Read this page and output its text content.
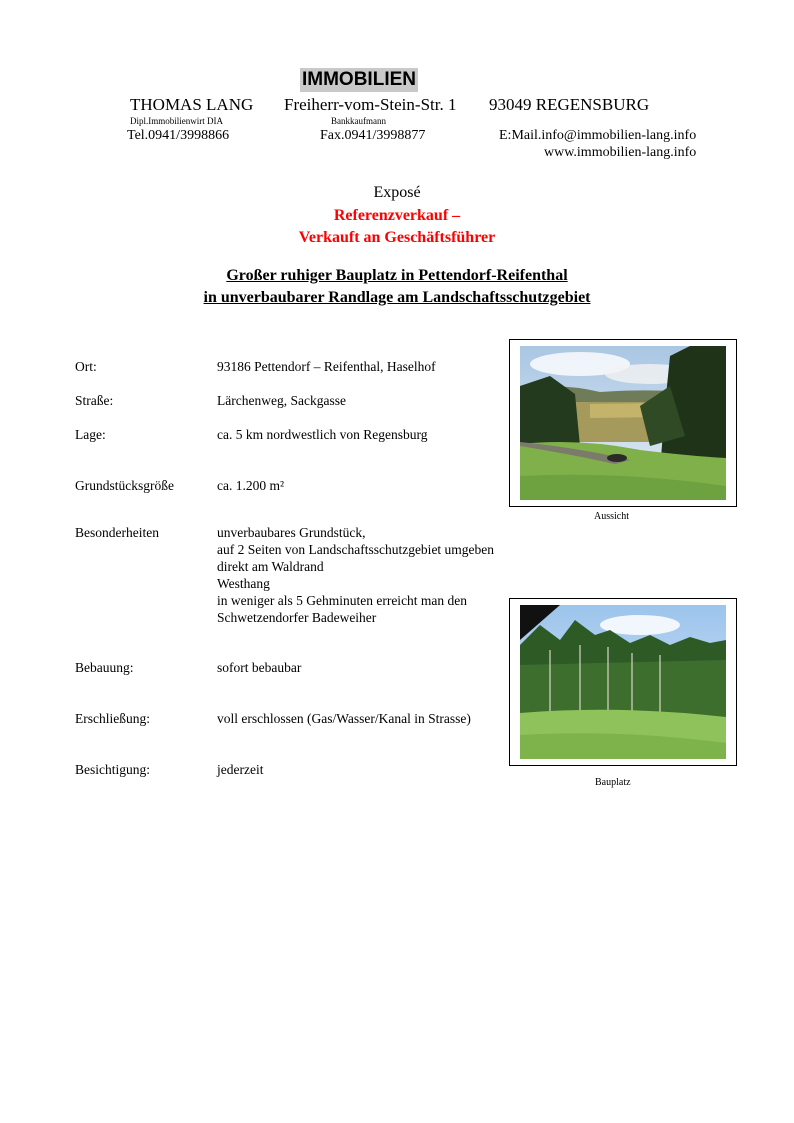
IMMOBILIEN
THOMAS LANG Freiherr-vom-Stein-Str. 1 93049 REGENSBURG
Dipl.Immobilienwirt DIA	Bankkaufmann
Tel.0941/3998866	Fax.0941/3998877	E:Mail.info@immobilien-lang.info
www.immobilien-lang.info
Exposé
Referenzverkauf –
Verkauft an Geschäftsführer
Großer ruhiger Bauplatz in Pettendorf-Reifenthal
in unverbaubarer Randlage am Landschaftsschutzgebiet
Ort:	93186 Pettendorf – Reifenthal, Haselhof
Straße:	Lärchenweg, Sackgasse
Lage:	ca. 5 km nordwestlich von Regensburg
Grundstücksgröße	ca. 1.200 m²
Besonderheiten	unverbaubares Grundstück,
auf 2 Seiten von Landschaftsschutzgebiet umgeben
direkt am Waldrand
Westhang
in weniger als 5 Gehminuten erreicht man den
Schwetzendorfer Badeweiher
Bebauung:	sofort bebaubar
Erschließung:	voll erschlossen (Gas/Wasser/Kanal in Strasse)
Besichtigung:	jederzeit
Aussicht
Bauplatz
